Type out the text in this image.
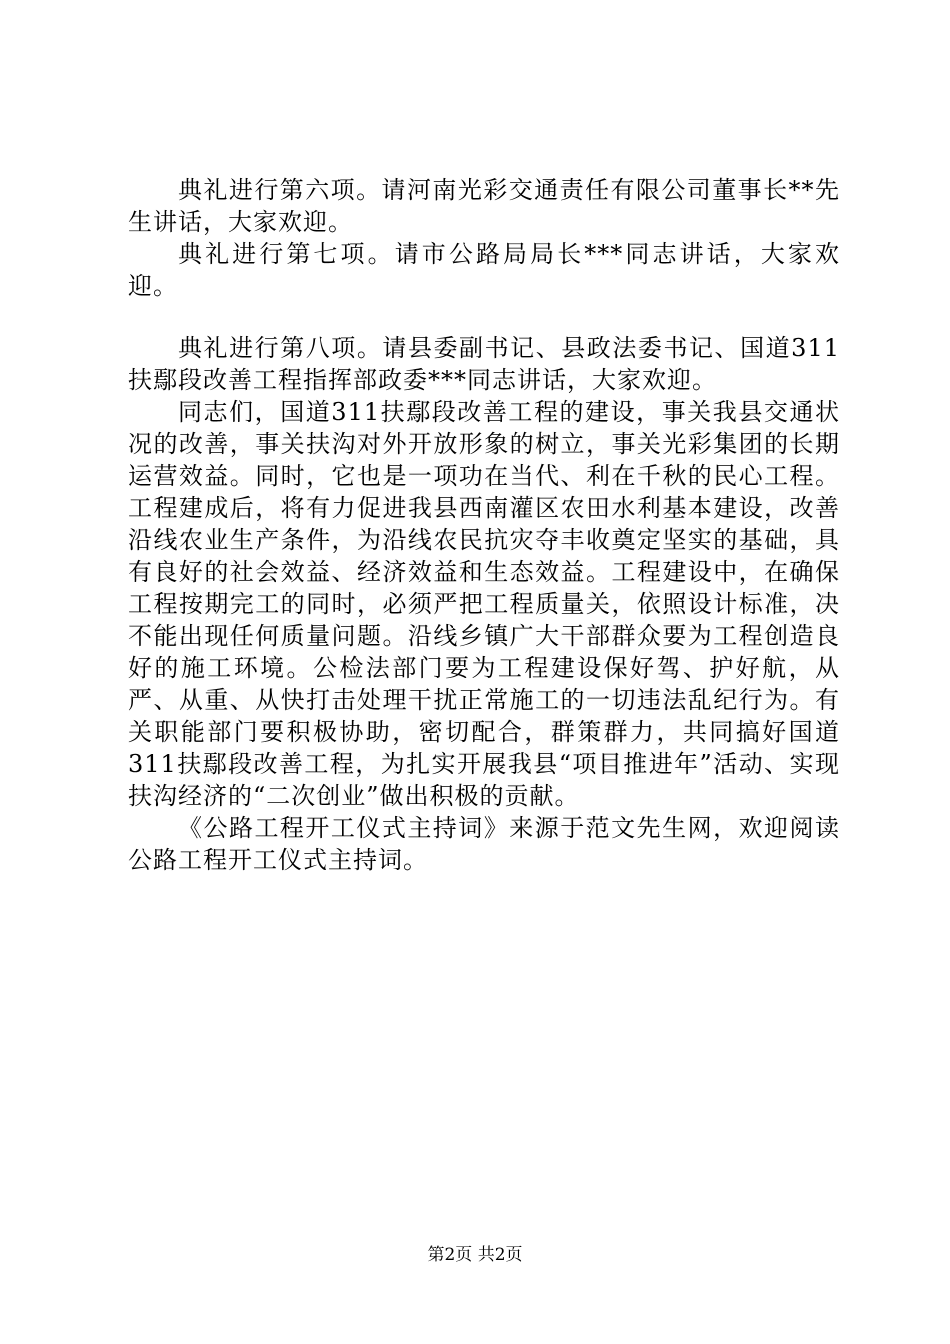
典礼进行第六项。请河南光彩交通责任有限公司董事长**先生讲话，大家欢迎。

典礼进行第七项。请市公路局局长***同志讲话，大家欢迎。

典礼进行第八项。请县委副书记、县政法委书记、国道311扶鄢段改善工程指挥部政委***同志讲话，大家欢迎。

同志们，国道311扶鄢段改善工程的建设，事关我县交通状况的改善，事关扶沟对外开放形象的树立，事关光彩集团的长期运营效益。同时，它也是一项功在当代、利在千秋的民心工程。工程建成后，将有力促进我县西南灌区农田水利基本建设，改善沿线农业生产条件，为沿线农民抗灾夺丰收奠定坚实的基础，具有良好的社会效益、经济效益和生态效益。工程建设中，在确保工程按期完工的同时，必须严把工程质量关，依照设计标准，决不能出现任何质量问题。沿线乡镇广大干部群众要为工程创造良好的施工环境。公检法部门要为工程建设保好驾、护好航，从严、从重、从快打击处理干扰正常施工的一切违法乱纪行为。有关职能部门要积极协助，密切配合，群策群力，共同搞好国道311扶鄢段改善工程，为扎实开展我县“项目推进年”活动、实现扶沟经济的“二次创业”做出积极的贡献。

《公路工程开工仪式主持词》来源于范文先生网，欢迎阅读公路工程开工仪式主持词。

第2页 共2页
